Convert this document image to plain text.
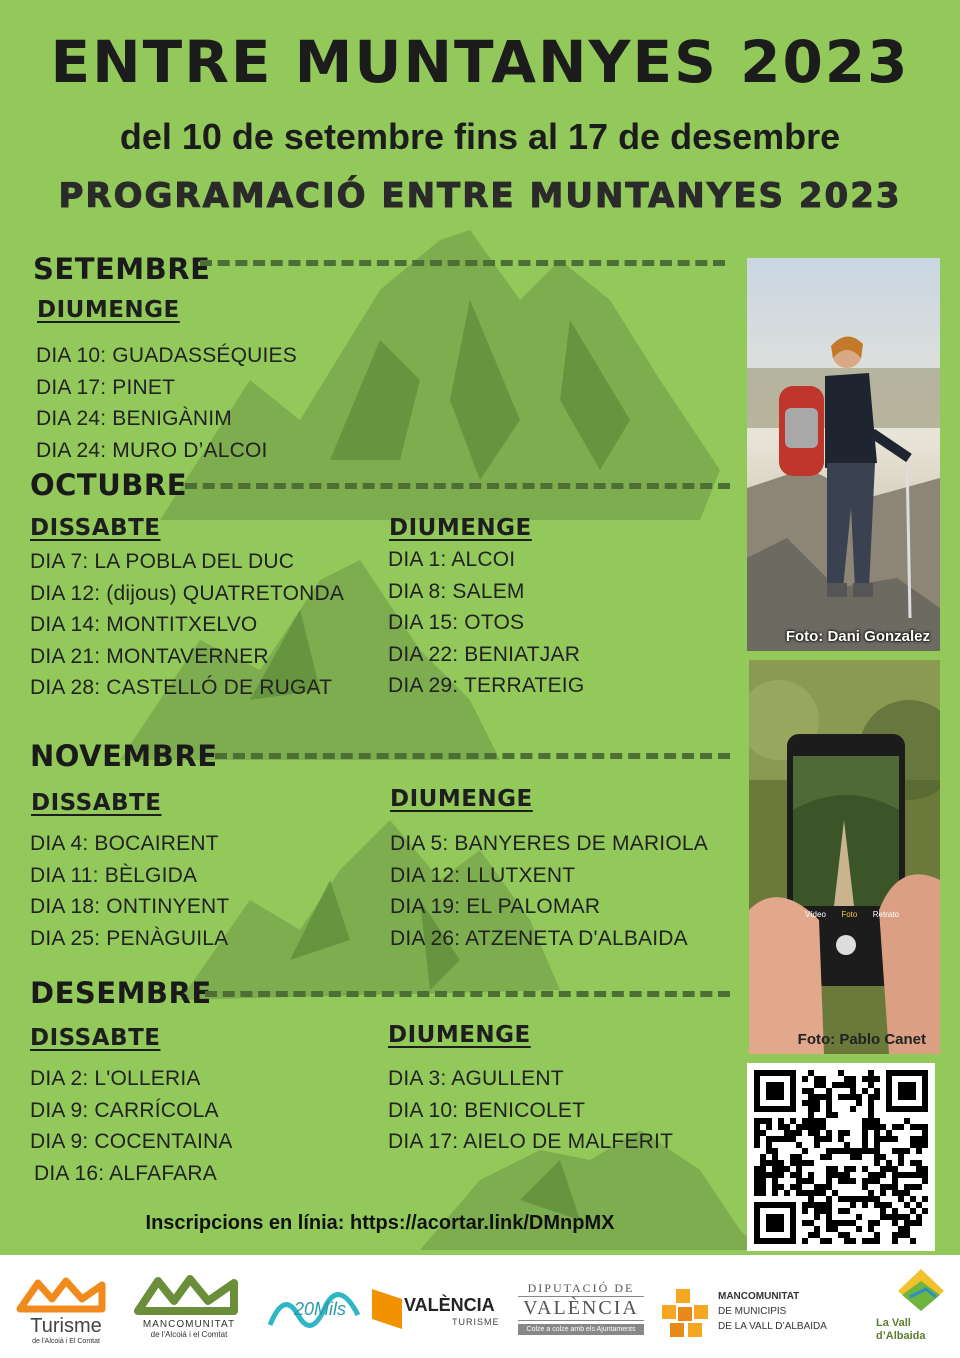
ENTRE MUNTANYES 2023
del 10 de setembre fins al 17 de desembre
PROGRAMACIÓ ENTRE MUNTANYES 2023
SETEMBRE
DIUMENGE
DIA 10: GUADASSÉQUIES
DIA 17: PINET
DIA 24: BENIGÀNIM
DIA 24: MURO D’ALCOI
OCTUBRE
DISSABTE
DIA 7: LA POBLA DEL DUC
DIA 12: (dijous) QUATRETONDA
DIA 14: MONTITXELVO
DIA 21: MONTAVERNER
DIA 28: CASTELLÓ DE RUGAT
DIUMENGE
DIA 1: ALCOI
DIA 8: SALEM
DIA 15: OTOS
DIA 22: BENIATJAR
DIA 29: TERRATEIG
NOVEMBRE
DISSABTE
DIA 4: BOCAIRENT
DIA 11: BÈLGIDA
DIA 18: ONTINYENT
DIA 25: PENÀGUILA
DIUMENGE
DIA 5: BANYERES DE MARIOLA
DIA 12: LLUTXENT
DIA 19: EL PALOMAR
DIA 26: ATZENETA D'ALBAIDA
DESEMBRE
DISSABTE
DIA 2: L'OLLERIA
DIA 9: CARRÍCOLA
DIA 9: COCENTAINA
DIA 16: ALFAFARA
DIUMENGE
DIA 3: AGULLENT
DIA 10: BENICOLET
DIA 17: AIELO DE MALFERIT
Foto: Dani Gonzalez
Vídeo Foto Retrato
Foto: Pablo Canet
Inscripcions en línia: https://acortar.link/DMnpMX
Turisme
de l'Alcoià i El Comtat
MANCOMUNITAT
de l'Alcoià i el Comtat
20Mils	VALÈNCIA
TURISME
DIPUTACIÓ DE
VALÈNCIA
Colze a colze amb els Ajuntaments
MANCOMUNITAT
DE MUNICIPIS
DE LA VALL D’ALBAIDA	La Vall
d’Albaida
